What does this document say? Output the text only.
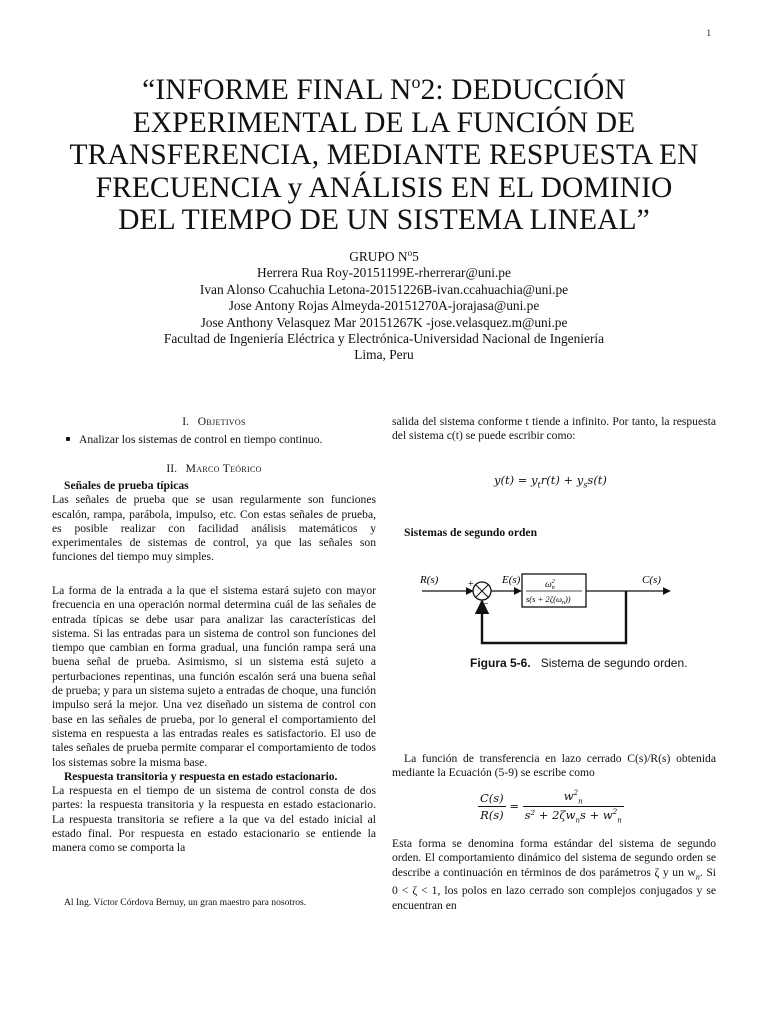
1
“INFORME FINAL $N^o2$: DEDUCCIÓN
EXPERIMENTAL DE LA FUNCIÓN DE
TRANSFERENCIA, MEDIANTE RESPUESTA EN
FRECUENCIA y ANÁLISIS EN EL DOMINIO
DEL TIEMPO DE UN SISTEMA LINEAL”
GRUPO $N^o5$
Herrera Rua Roy-20151199E-rherrerar@uni.pe
Ivan Alonso Ccahuchia Letona-20151226B-ivan.ccahuachia@uni.pe
Jose Antony Rojas Almeyda-20151270A-jorajasa@uni.pe
Jose Anthony Velasquez Mar 20151267K -jose.velasquez.m@uni.pe
Facultad de Ingeniería Eléctrica y Electrónica-Universidad Nacional de Ingeniería
Lima, Peru
I. Objetivos
Analizar los sistemas de control en tiempo continuo.
II. Marco Teórico
Señales de prueba típicas
Las señales de prueba que se usan regularmente son funciones escalón, rampa, parábola, impulso, etc. Con estas señales de prueba, es posible realizar con facilidad análisis matemáticos y experimentales de sistemas de control, ya que las señales son funciones del tiempo muy simples.
La forma de la entrada a la que el sistema estará sujeto con mayor frecuencia en una operación normal determina cuál de las señales de entrada típicas se debe usar para analizar las características del sistema. Si las entradas para un sistema de control son funciones del tiempo que cambian en forma gradual, una función rampa será una buena señal de prueba. Asimismo, si un sistema está sujeto a perturbaciones repentinas, una función escalón será una buena señal de prueba; y para un sistema sujeto a entradas de choque, una función impulso será la mejor. Una vez diseñado un sistema de control con base en las señales de prueba, por lo general el comportamiento del sistema en respuesta a las entradas reales es satisfactorio. El uso de tales señales de prueba permite comparar el comportamiento de todos los sistemas sobre la misma base.
Respuesta transitoria y respuesta en estado estacionario.
La respuesta en el tiempo de un sistema de control consta de dos partes: la respuesta transitoria y la respuesta en estado estacionario. La respuesta transitoria se refiere a la que va del estado inicial al estado final. Por respuesta en estado estacionario se entiende la manera como se comporta la
Al Ing. Víctor Córdova Bernuy, un gran maestro para nosotros.
salida del sistema conforme t tiende a infinito. Por tanto, la respuesta del sistema c(t) se puede escribir como:
$y(t) = y_tr(t) + y_ss(t)$
Sistemas de segundo orden
R(s)	E(s)	C(s)
+
−
$\omega^2$ n
$s(s + 2\zeta(\omega_n))$
Figura 5-6. Sistema de segundo orden.
La función de transferencia en lazo cerrado C(s)/R(s) obtenida mediante la Ecuación (5-9) se escribe como
$\frac{C(s)}{R(s)} = \frac{w^2_n}{s^2 + 2\zeta w_ns + w^2_n}$
Esta forma se denomina forma estándar del sistema de segundo orden. El comportamiento dinámico del sistema de segundo orden se describe a continuación en términos de dos parámetros ζ y un $w_n$. Si 0 < ζ < 1, los polos en lazo cerrado son complejos conjugados y se encuentran en
